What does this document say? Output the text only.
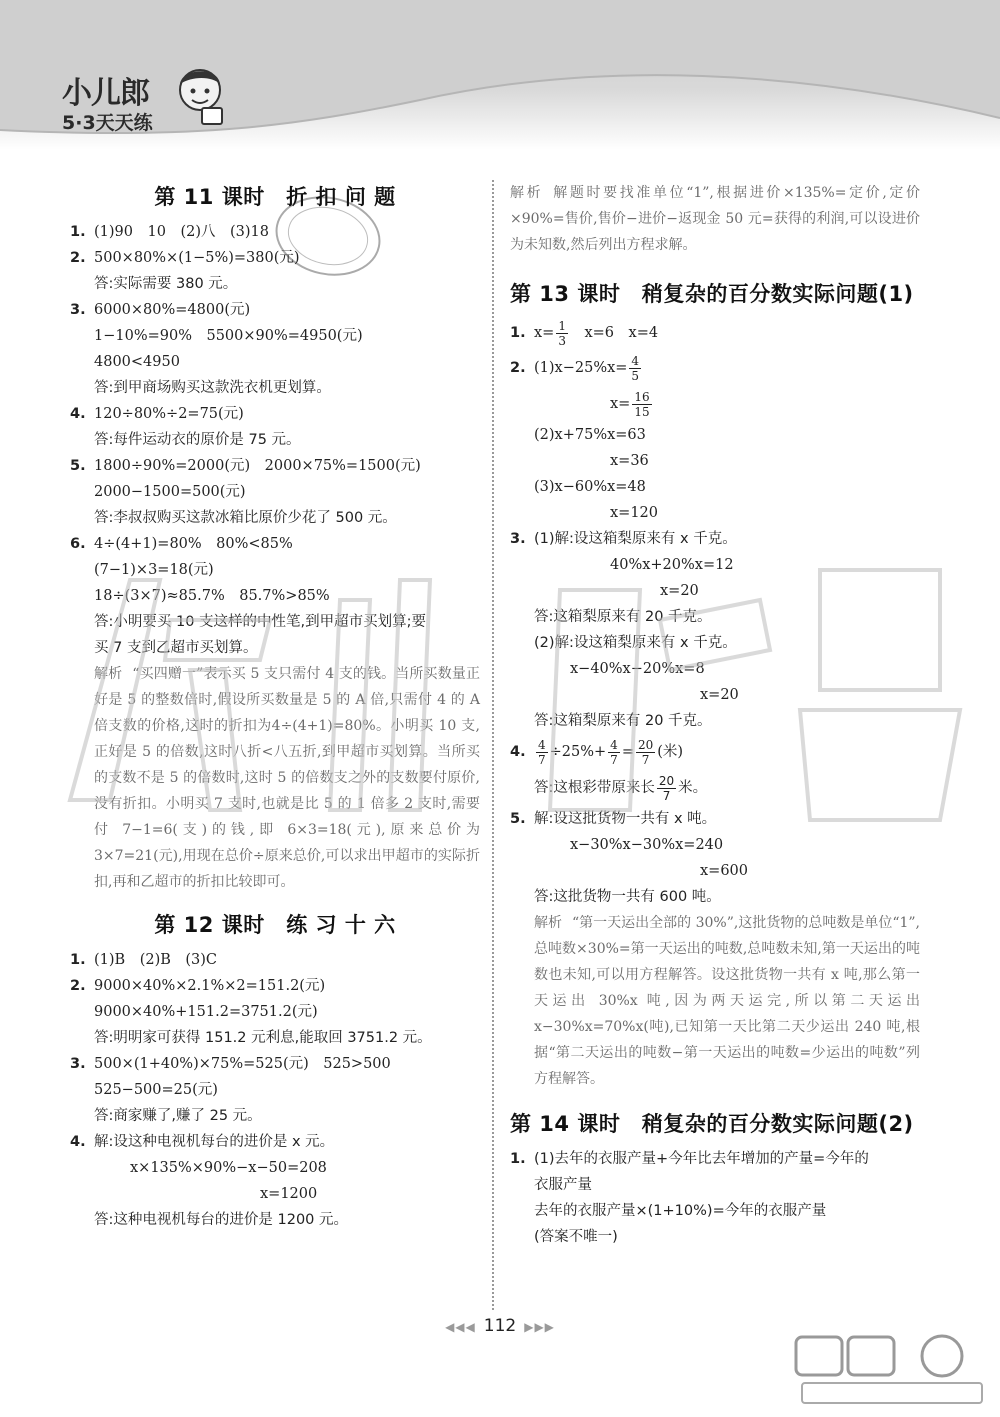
小儿郎
5·3天天练
第 11 课时　折 扣 问 题
1. (1)90　10　(2)八　(3)18
2. 500×80%×(1−5%)=380(元)
答:实际需要 380 元。
3. 6000×80%=4800(元)
1−10%=90%　5500×90%=4950(元)
4800<4950
答:到甲商场购买这款洗衣机更划算。
4. 120÷80%÷2=75(元)
答:每件运动衣的原价是 75 元。
5. 1800÷90%=2000(元)　2000×75%=1500(元)
2000−1500=500(元)
答:李叔叔购买这款冰箱比原价少花了 500 元。
6. 4÷(4+1)=80%　80%<85%
(7−1)×3=18(元)
18÷(3×7)≈85.7%　85.7%>85%
答:小明要买 10 支这样的中性笔,到甲超市买划算;要
买 7 支到乙超市买划算。
解析 “买四赠一”表示买 5 支只需付 4 支的钱。当所买数量正好是 5 的整数倍时,假设所买数量是 5 的 A 倍,只需付 4 的 A 倍支数的价格,这时的折扣为4÷(4+1)=80%。小明买 10 支,正好是 5 的倍数,这时八折<八五折,到甲超市买划算。当所买的支数不是 5 的倍数时,这时 5 的倍数支之外的支数要付原价,没有折扣。小明买 7 支时,也就是比 5 的 1 倍多 2 支时,需要付 7−1=6(支)的钱,即 6×3=18(元),原来总价为 3×7=21(元),用现在总价÷原来总价,可以求出甲超市的实际折扣,再和乙超市的折扣比较即可。
第 12 课时　练 习 十 六
1. (1)B　(2)B　(3)C
2. 9000×40%×2.1%×2=151.2(元)
9000×40%+151.2=3751.2(元)
答:明明家可获得 151.2 元利息,能取回 3751.2 元。
3. 500×(1+40%)×75%=525(元)　525>500
525−500=25(元)
答:商家赚了,赚了 25 元。
4. 解:设这种电视机每台的进价是 x 元。
x×135%×90%−x−50=208
x=1200
答:这种电视机每台的进价是 1200 元。
解析 解题时要找准单位“1”,根据进价×135%=定价,定价×90%=售价,售价−进价−返现金 50 元=获得的利润,可以设进价为未知数,然后列出方程求解。
第 13 课时　稍复杂的百分数实际问题(1)
1. $x= \frac{1}{3}$ 　x=6　x=4
2. $(1)x-25\%x= \frac{4}{5}$
$x= \frac{16}{15}$
(2)x+75%x=63
x=36
(3)x−60%x=48
x=120
3. (1)解:设这箱梨原来有 x 千克。
40%x+20%x=12
x=20
答:这箱梨原来有 20 千克。
(2)解:设这箱梨原来有 x 千克。
x−40%x−20%x=8
x=20
答:这箱梨原来有 20 千克。
4. $\frac{4}{7} \div 25\%+ \frac{4}{7} = \frac{20}{7}$ (米)
答:这根彩带原来长 $\frac{20}{7}$ 米。
5. 解:设这批货物一共有 x 吨。
x−30%x−30%x=240
x=600
答:这批货物一共有 600 吨。
解析 “第一天运出全部的 30%”,这批货物的总吨数是单位“1”,总吨数×30%=第一天运出的吨数,总吨数未知,第一天运出的吨数也未知,可以用方程解答。设这批货物一共有 x 吨,那么第一天运出 30%x 吨,因为两天运完,所以第二天运出 x−30%x=70%x(吨),已知第一天比第二天少运出 240 吨,根据“第二天运出的吨数−第一天运出的吨数=少运出的吨数”列方程解答。
第 14 课时　稍复杂的百分数实际问题(2)
1. (1)去年的衣服产量+今年比去年增加的产量=今年的
衣服产量
去年的衣服产量×(1+10%)=今年的衣服产量
(答案不唯一)
◀◀◀ 112 ▶▶▶
